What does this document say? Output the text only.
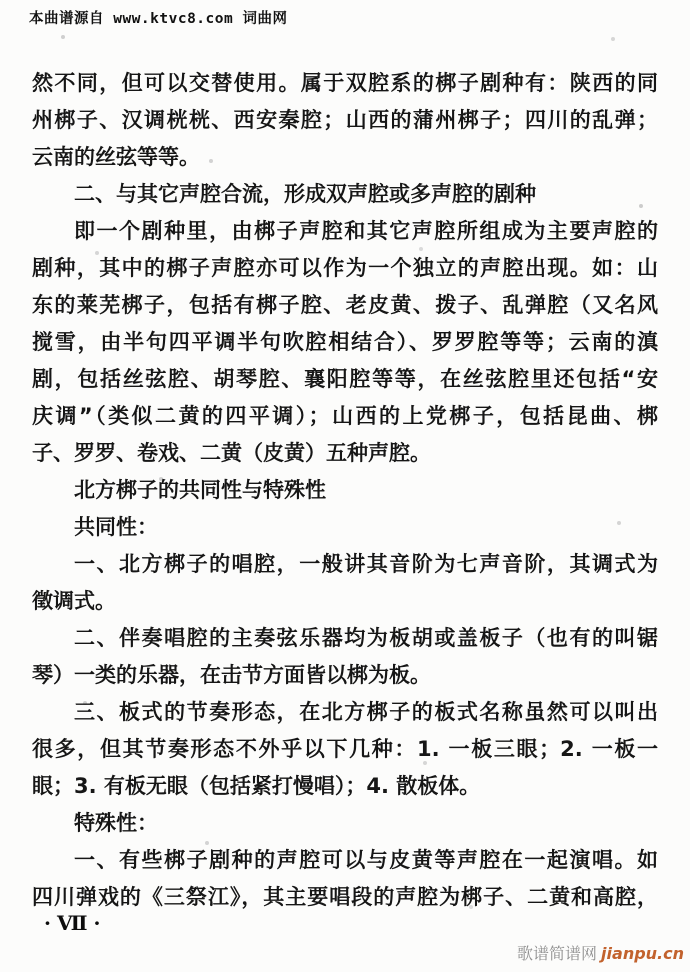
本曲谱源自 www.ktvc8.com 词曲网
然不同，但可以交替使用。属于双腔系的梆子剧种有：陕西的同
州梆子、汉调桄桄、西安秦腔；山西的蒲州梆子；四川的乱弹；
云南的丝弦等等。
二、与其它声腔合流，形成双声腔或多声腔的剧种
即一个剧种里，由梆子声腔和其它声腔所组成为主要声腔的
剧种，其中的梆子声腔亦可以作为一个独立的声腔出现。如：山
东的莱芜梆子，包括有梆子腔、老皮黄、拨子、乱弹腔（又名风
搅雪，由半句四平调半句吹腔相结合）、罗罗腔等等；云南的滇
剧，包括丝弦腔、胡琴腔、襄阳腔等等，在丝弦腔里还包括“安
庆调”（类似二黄的四平调）；山西的上党梆子，包括昆曲、梆
子、罗罗、卷戏、二黄（皮黄）五种声腔。
北方梆子的共同性与特殊性
共同性：
一、北方梆子的唱腔，一般讲其音阶为七声音阶，其调式为
徵调式。
二、伴奏唱腔的主奏弦乐器均为板胡或盖板子（也有的叫锯
琴）一类的乐器，在击节方面皆以梆为板。
三、板式的节奏形态，在北方梆子的板式名称虽然可以叫出
很多，但其节奏形态不外乎以下几种：1. 一板三眼；2. 一板一
眼；3. 有板无眼（包括紧打慢唱）；4. 散板体。
特殊性：
一、有些梆子剧种的声腔可以与皮黄等声腔在一起演唱。如
四川弹戏的《三祭江》，其主要唱段的声腔为梆子、二黄和高腔，
·Ⅶ·
歌谱简谱网 jianpu.cn
